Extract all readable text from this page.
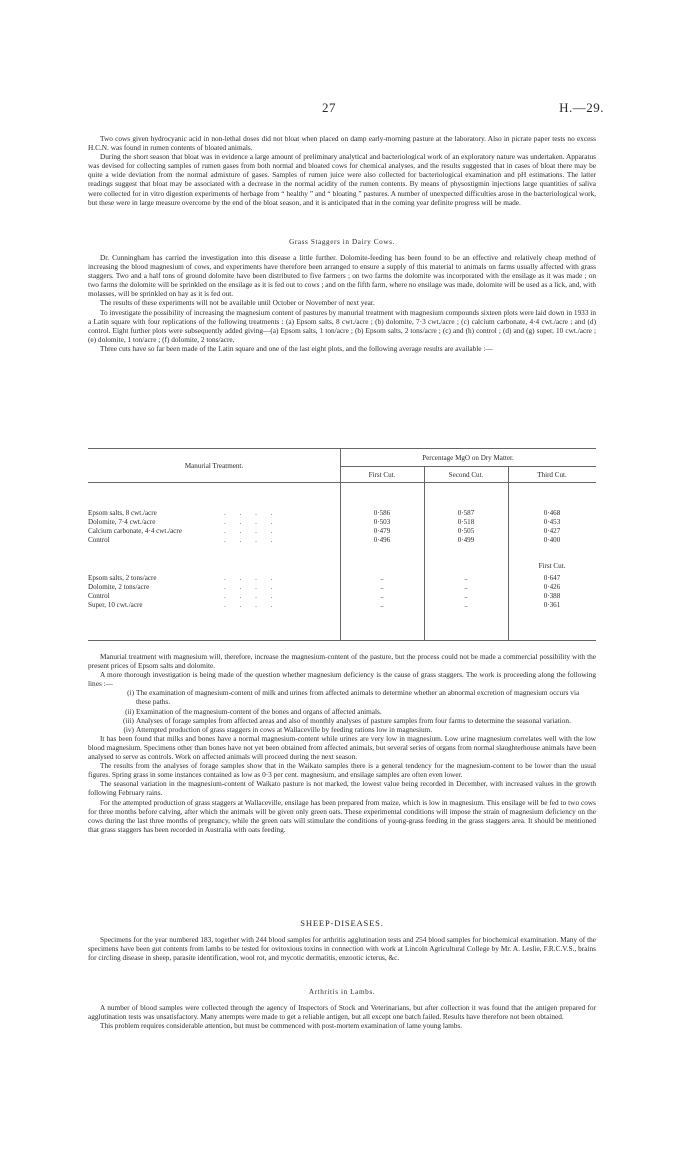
27	H.—29.

Two cows given hydrocyanic acid in non-lethal doses did not bloat when placed on damp early-morning pasture at the laboratory. Also in picrate paper tests no excess H.C.N. was found in rumen contents of bloated animals.

During the short season that bloat was in evidence a large amount of preliminary analytical and bacteriological work of an exploratory nature was undertaken. Apparatus was devised for collecting samples of rumen gases from both normal and bloated cows for chemical analyses, and the results suggested that in cases of bloat there may be quite a wide deviation from the normal admixture of gases. Samples of rumen juice were also collected for bacteriological examination and pH estimations. The latter readings suggest that bloat may be associated with a decrease in the normal acidity of the rumen contents. By means of physostigmin injections large quantities of saliva were collected for in vitro digestion experiments of herbage from “ healthy ” and “ bloating ” pastures. A number of unexpected difficulties arose in the bacteriological work, but these were in large measure overcome by the end of the bloat season, and it is anticipated that in the coming year definite progress will be made.

Grass Staggers in Dairy Cows.

Dr. Cunningham has carried the investigation into this disease a little further. Dolomite-feeding has been found to be an effective and relatively cheap method of increasing the blood magnesium of cows, and experiments have therefore been arranged to ensure a supply of this material to animals on farms usually affected with grass staggers. Two and a half tons of ground dolomite have been distributed to five farmers ; on two farms the dolomite was incorporated with the ensilage as it was made ; on two farms the dolomite will be sprinkled on the ensilage as it is fed out to cows ; and on the fifth farm, where no ensilage was made, dolomite will be used as a lick, and, with molasses, will be sprinkled on hay as it is fed out.

The results of these experiments will not be available until October or November of next year.

To investigate the possibility of increasing the magnesium content of pastures by manurial treatment with magnesium compounds sixteen plots were laid down in 1933 in a Latin square with four replications of the following treatments : (a) Epsom salts, 8 cwt./acre ; (b) dolomite, 7·3 cwt./acre ; (c) calcium carbonate, 4·4 cwt./acre ; and (d) control. Eight further plots were subsequently added giving—(a) Epsom salts, 1 ton/acre ; (b) Epsom salts, 2 tons/acre ; (c) and (h) control ; (d) and (g) super, 10 cwt./acre ; (e) dolomite, 1 ton/acre ; (f) dolomite, 2 tons/acre.

Three cuts have so far been made of the Latin square and one of the last eight plots, and the following average results are available :—

Manurial Treatment.
Percentage MgO on Dry Matter.
First Cut.	Second Cut.	Third Cut.
Epsom salts, 8 cwt./acre	. . . .	0·586	0·587	0·468
Dolomite, 7·4 cwt./acre	. . . .	0·503	0·518	0·453
Calcium carbonate, 4·4 cwt./acre	. . . .	0·479	0·505	0·427
Control	. . . .	0·496	0·499	0·400
First Cut.
Epsom salts, 2 tons/acre	. . . .	..	..	0·647
Dolomite, 2 tons/acre	. . . .	..	..	0·426
Control	. . . .	..	..	0·388
Super, 10 cwt./acre	. . . .	..	..	0·361

Manurial treatment with magnesium will, therefore, increase the magnesium-content of the pasture, but the process could not be made a commercial possibility with the present prices of Epsom salts and dolomite.

A more thorough investigation is being made of the question whether magnesium deficiency is the cause of grass staggers. The work is proceeding along the following lines :—

(i) The examination of magnesium-content of milk and urines from affected animals to determine whether an abnormal excretion of magnesium occurs via these paths.
(ii) Examination of the magnesium-content of the bones and organs of affected animals.
(iii) Analyses of forage samples from affected areas and also of monthly analyses of pasture samples from four farms to determine the seasonal variation.
(iv) Attempted production of grass staggers in cows at Wallaceville by feeding rations low in magnesium.

It has been found that milks and bones have a normal magnesium-content while urines are very low in magnesium. Low urine magnesium correlates well with the low blood magnesium. Specimens other than bones have not yet been obtained from affected animals, but several series of organs from normal slaughterhouse animals have been analysed to serve as controls. Work on affected animals will proceed during the next season.

The results from the analyses of forage samples show that in the Waikato samples there is a general tendency for the magnesium-content to be lower than the usual figures. Spring grass in some instances contained as low as 0·3 per cent. magnesium, and ensilage samples are often even lower.

The seasonal variation in the magnesium-content of Waikato pasture is not marked, the lowest value being recorded in December, with increased values in the growth following February rains.

For the attempted production of grass staggers at Wallaceville, ensilage has been prepared from maize, which is low in magnesium. This ensilage will be fed to two cows for three months before calving, after which the animals will be given only green oats. These experimental conditions will impose the strain of magnesium deficiency on the cows during the last three months of pregnancy, while the green oats will stimulate the conditions of young-grass feeding in the grass staggers area. It should be mentioned that grass staggers has been recorded in Australia with oats feeding.

SHEEP-DISEASES.

Specimens for the year numbered 183, together with 244 blood samples for arthritis agglutination tests and 254 blood samples for biochemical examination. Many of the specimens have been gut contents from lambs to be tested for ovitoxious toxins in connection with work at Lincoln Agricultural College by Mr. A. Leslie, F.R.C.V.S., brains for circling disease in sheep, parasite identification, wool rot, and mycotic dermatitis, enzootic icterus, &c.

Arthritis in Lambs.

A number of blood samples were collected through the agency of Inspectors of Stock and Veterinarians, but after collection it was found that the antigen prepared for agglutination tests was unsatisfactory. Many attempts were made to get a reliable antigen, but all except one batch failed. Results have therefore not been obtained.

This problem requires considerable attention, but must be commenced with post-mortem examination of lame young lambs.
